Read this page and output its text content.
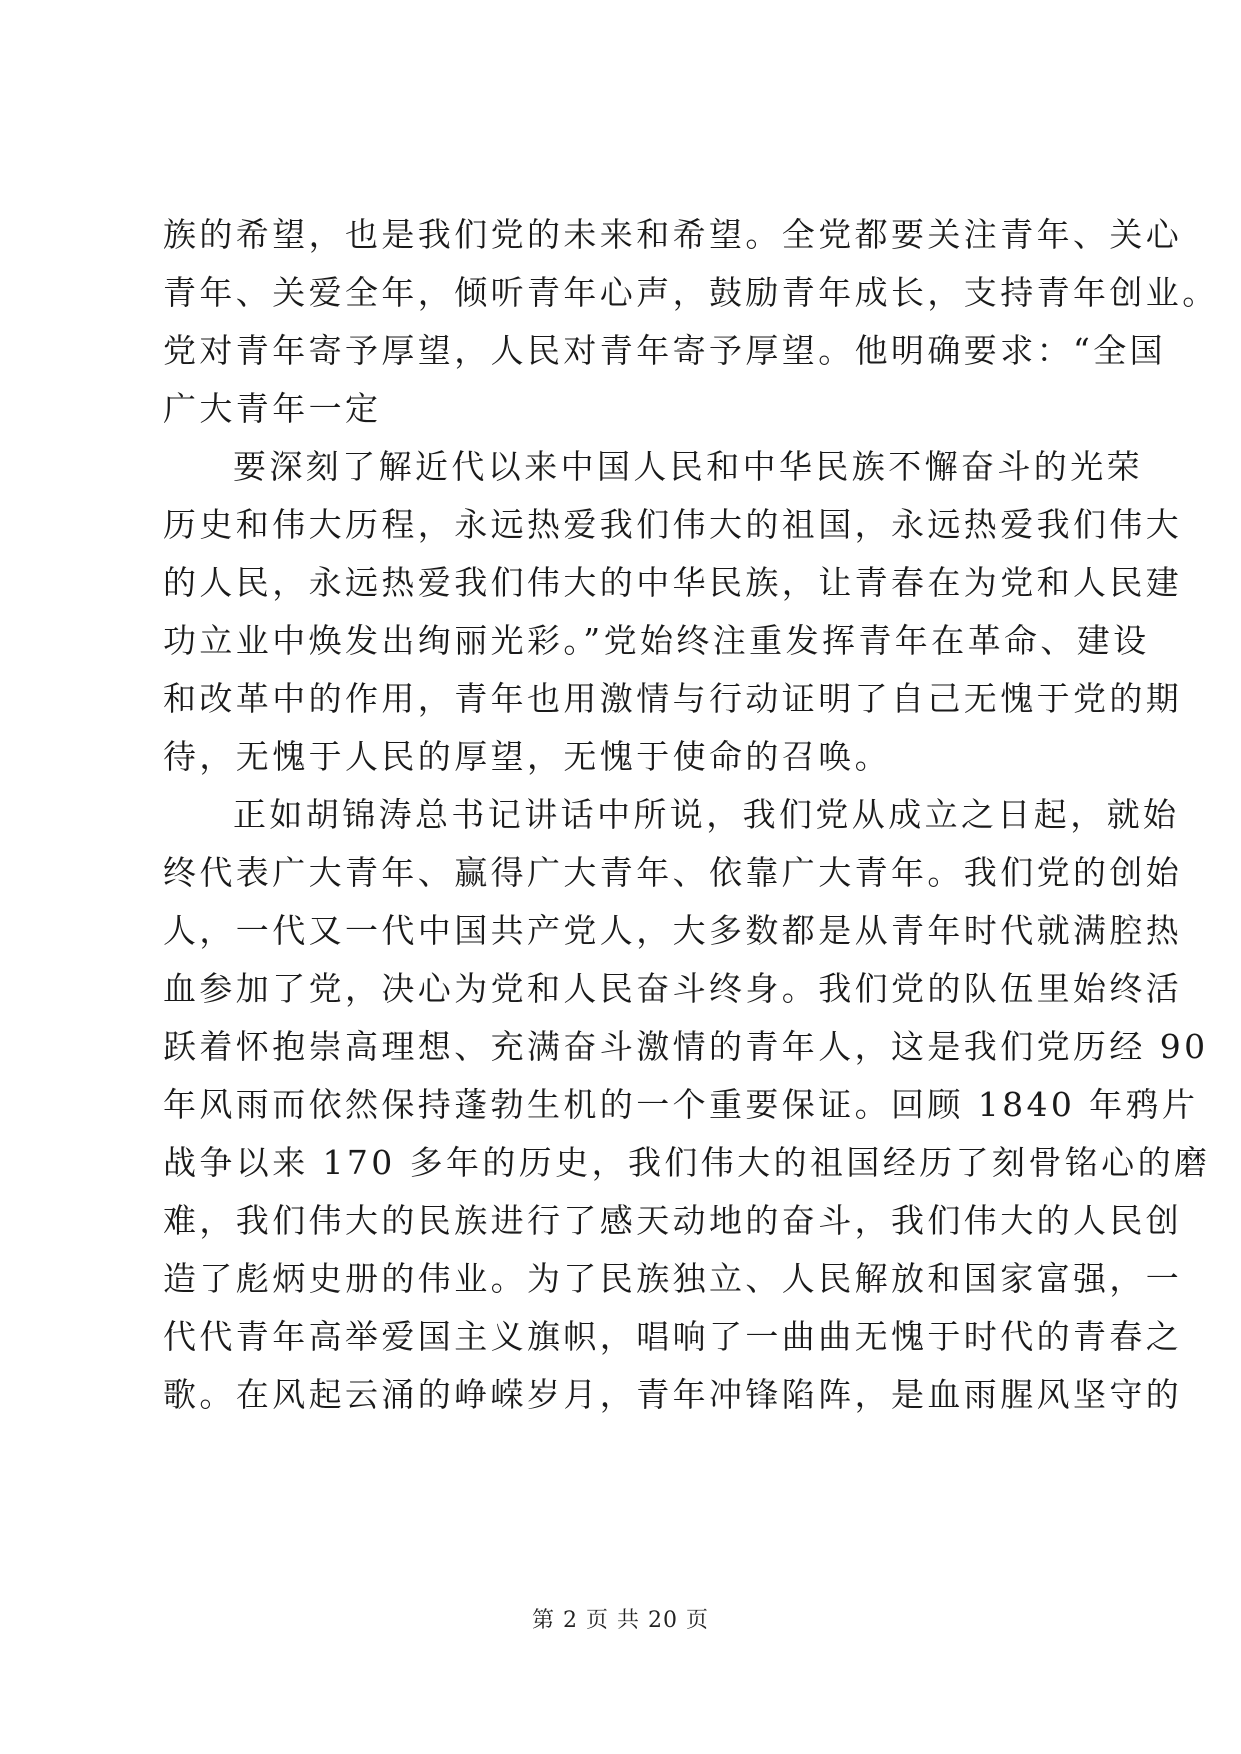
族的希望，也是我们党的未来和希望。全党都要关注青年、关心
青年、关爱全年，倾听青年心声，鼓励青年成长，支持青年创业。
党对青年寄予厚望，人民对青年寄予厚望。他明确要求：“全国
广大青年一定

要深刻了解近代以来中国人民和中华民族不懈奋斗的光荣
历史和伟大历程，永远热爱我们伟大的祖国，永远热爱我们伟大
的人民，永远热爱我们伟大的中华民族，让青春在为党和人民建
功立业中焕发出绚丽光彩。”党始终注重发挥青年在革命、建设
和改革中的作用，青年也用激情与行动证明了自己无愧于党的期
待，无愧于人民的厚望，无愧于使命的召唤。

正如胡锦涛总书记讲话中所说，我们党从成立之日起，就始
终代表广大青年、赢得广大青年、依靠广大青年。我们党的创始
人，一代又一代中国共产党人，大多数都是从青年时代就满腔热
血参加了党，决心为党和人民奋斗终身。我们党的队伍里始终活
跃着怀抱崇高理想、充满奋斗激情的青年人，这是我们党历经 90
年风雨而依然保持蓬勃生机的一个重要保证。回顾 1840 年鸦片
战争以来 170 多年的历史，我们伟大的祖国经历了刻骨铭心的磨
难，我们伟大的民族进行了感天动地的奋斗，我们伟大的人民创
造了彪炳史册的伟业。为了民族独立、人民解放和国家富强，一
代代青年高举爱国主义旗帜，唱响了一曲曲无愧于时代的青春之
歌。在风起云涌的峥嵘岁月，青年冲锋陷阵，是血雨腥风坚守的

第 2 页 共 20 页
